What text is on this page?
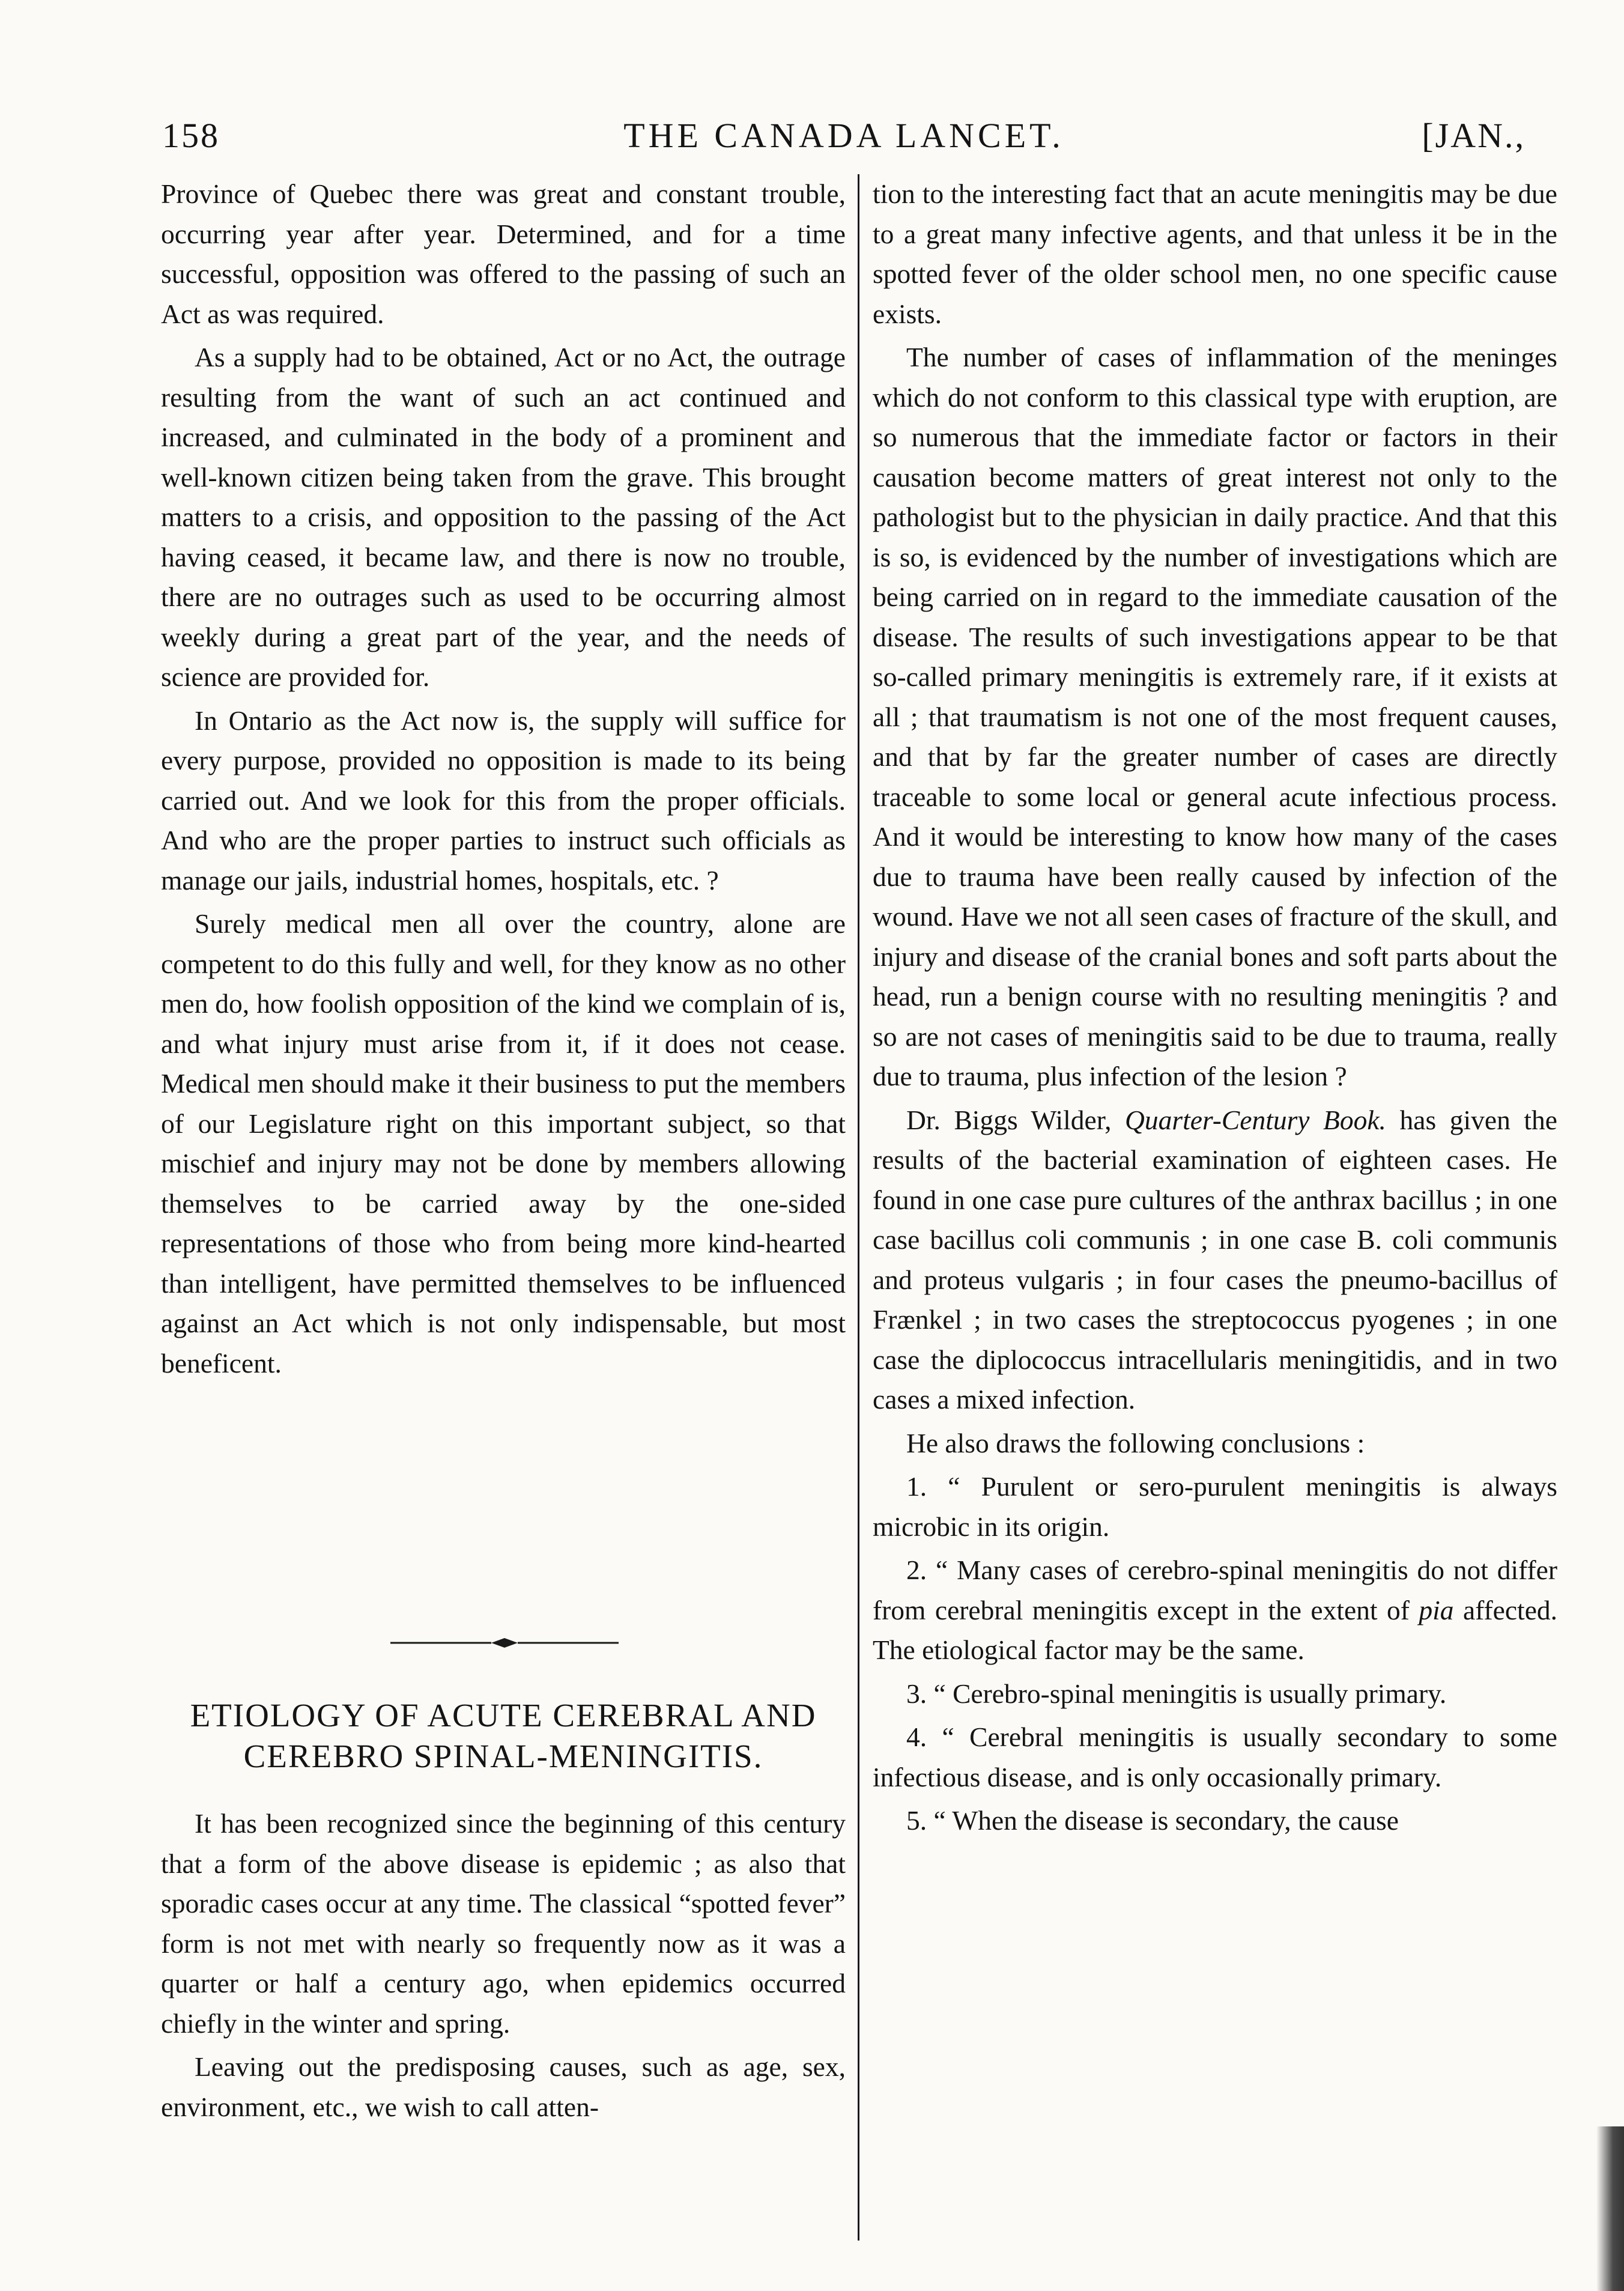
158	THE CANADA LANCET.	[JAN.,

Province of Quebec there was great and constant trouble, occurring year after year. Determined, and for a time successful, opposition was offered to the passing of such an Act as was required.

As a supply had to be obtained, Act or no Act, the outrage resulting from the want of such an act continued and increased, and culminated in the body of a prominent and well-known citizen being taken from the grave. This brought matters to a crisis, and opposition to the passing of the Act having ceased, it became law, and there is now no trouble, there are no outrages such as used to be occurring almost weekly during a great part of the year, and the needs of science are provided for.

In Ontario as the Act now is, the supply will suffice for every purpose, provided no opposition is made to its being carried out. And we look for this from the proper officials. And who are the proper parties to instruct such officials as manage our jails, industrial homes, hospitals, etc. ?

Surely medical men all over the country, alone are competent to do this fully and well, for they know as no other men do, how foolish opposition of the kind we complain of is, and what injury must arise from it, if it does not cease. Medical men should make it their business to put the members of our Legislature right on this important subject, so that mischief and injury may not be done by members allowing themselves to be carried away by the one-sided representations of those who from being more kind-hearted than intelligent, have permitted themselves to be influenced against an Act which is not only indispensable, but most beneficent.

ETIOLOGY OF ACUTE CEREBRAL AND
CEREBRO SPINAL-MENINGITIS.

It has been recognized since the beginning of this century that a form of the above disease is epidemic ; as also that sporadic cases occur at any time. The classical “spotted fever” form is not met with nearly so frequently now as it was a quarter or half a century ago, when epidemics occurred chiefly in the winter and spring.

Leaving out the predisposing causes, such as age, sex, environment, etc., we wish to call atten-

tion to the interesting fact that an acute meningitis may be due to a great many infective agents, and that unless it be in the spotted fever of the older school men, no one specific cause exists.

The number of cases of inflammation of the meninges which do not conform to this classical type with eruption, are so numerous that the immediate factor or factors in their causation become matters of great interest not only to the pathologist but to the physician in daily practice. And that this is so, is evidenced by the number of investigations which are being carried on in regard to the immediate causation of the disease. The results of such investigations appear to be that so-called primary meningitis is extremely rare, if it exists at all ; that traumatism is not one of the most frequent causes, and that by far the greater number of cases are directly traceable to some local or general acute infectious process. And it would be interesting to know how many of the cases due to trauma have been really caused by infection of the wound. Have we not all seen cases of fracture of the skull, and injury and disease of the cranial bones and soft parts about the head, run a benign course with no resulting meningitis ? and so are not cases of meningitis said to be due to trauma, really due to trauma, plus infection of the lesion ?

Dr. Biggs Wilder, Quarter-Century Book. has given the results of the bacterial examination of eighteen cases. He found in one case pure cultures of the anthrax bacillus ; in one case bacillus coli communis ; in one case B. coli communis and proteus vulgaris ; in four cases the pneumo-bacillus of Frænkel ; in two cases the streptococcus pyogenes ; in one case the diplococcus intracellularis meningitidis, and in two cases a mixed infection.

He also draws the following conclusions :

1. “ Purulent or sero-purulent meningitis is always microbic in its origin.

2. “ Many cases of cerebro-spinal meningitis do not differ from cerebral meningitis except in the extent of pia affected. The etiological factor may be the same.

3. “ Cerebro-spinal meningitis is usually primary.

4. “ Cerebral meningitis is usually secondary to some infectious disease, and is only occasionally primary.

5. “ When the disease is secondary, the cause
